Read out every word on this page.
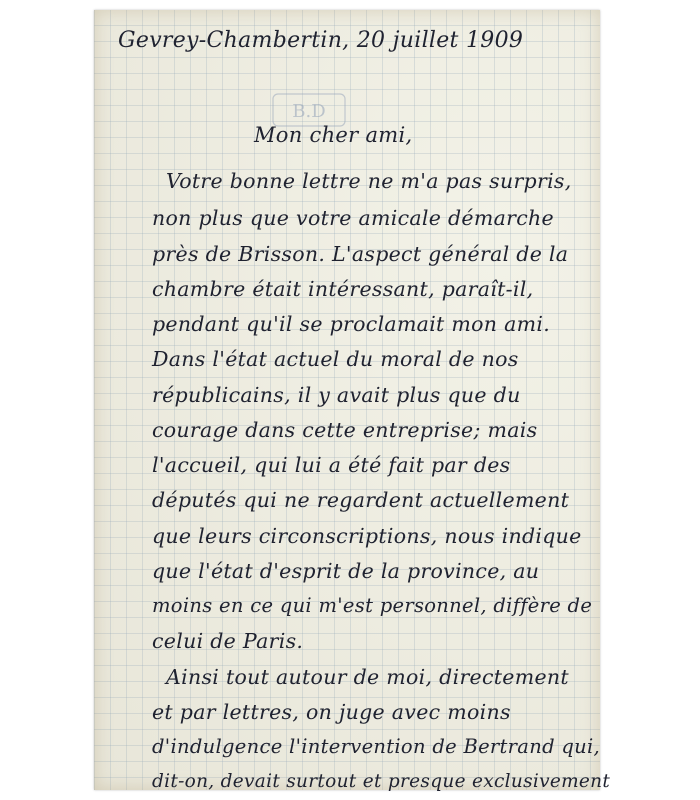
B.D
Gevrey-Chambertin, 20 juillet 1909
Mon cher ami,
Votre bonne lettre ne m'a pas surpris,
non plus que votre amicale démarche
près de Brisson. L'aspect général de la
chambre était intéressant, paraît-il,
pendant qu'il se proclamait mon ami.
Dans l'état actuel du moral de nos
républicains, il y avait plus que du
courage dans cette entreprise; mais
l'accueil, qui lui a été fait par des
députés qui ne regardent actuellement
que leurs circonscriptions, nous indique
que l'état d'esprit de la province, au
moins en ce qui m'est personnel, diffère de
celui de Paris.
Ainsi tout autour de moi, directement
et par lettres, on juge avec moins
d'indulgence l'intervention de Bertrand qui,
dit-on, devait surtout et presque exclusivement
